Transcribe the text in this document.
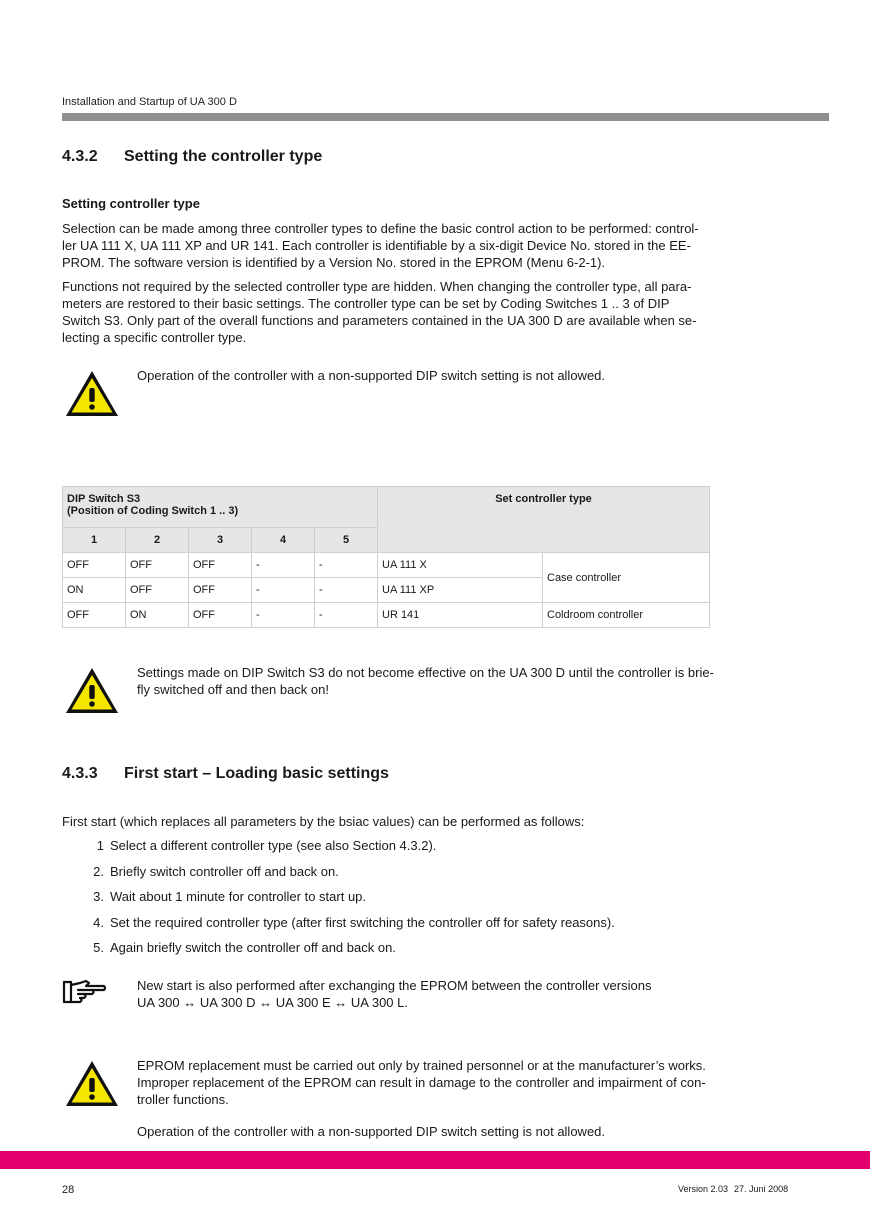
Installation and Startup of UA 300 D
4.3.2 Setting the controller type
Setting controller type
Selection can be made among three controller types to define the basic control action to be performed: control-
ler UA 111 X, UA 111 XP and UR 141. Each controller is identifiable by a six-digit Device No. stored in the EE-
PROM. The software version is identified by a Version No. stored in the EPROM (Menu 6-2-1).
Functions not required by the selected controller type are hidden. When changing the controller type, all para-
meters are restored to their basic settings. The controller type can be set by Coding Switches 1 .. 3 of DIP
Switch S3. Only part of the overall functions and parameters contained in the UA 300 D are available when se-
lecting a specific controller type.
Operation of the controller with a non-supported DIP switch setting is not allowed.
DIP Switch S3
(Position of Coding Switch 1 .. 3)					Set controller type	
1	2	3	4	5		
OFF	OFF	OFF	-	-	UA 111 X	Case controller
ON	OFF	OFF	-	-	UA 111 XP	
OFF	ON	OFF	-	-	UR 141	Coldroom controller
Settings made on DIP Switch S3 do not become effective on the UA 300 D until the controller is brie-
fly switched off and then back on!
4.3.3 First start – Loading basic settings
First start (which replaces all parameters by the bsiac values) can be performed as follows:
1 Select a different controller type (see also Section 4.3.2).
2. Briefly switch controller off and back on.
3. Wait about 1 minute for controller to start up.
4. Set the required controller type (after first switching the controller off for safety reasons).
5. Again briefly switch the controller off and back on.
New start is also performed after exchanging the EPROM between the controller versions
UA 300 ↔ UA 300 D ↔ UA 300 E ↔ UA 300 L.
EPROM replacement must be carried out only by trained personnel or at the manufacturer’s works.
Improper replacement of the EPROM can result in damage to the controller and impairment of con-
troller functions.
Operation of the controller with a non-supported DIP switch setting is not allowed.
28	Version 2.03 27. Juni 2008
